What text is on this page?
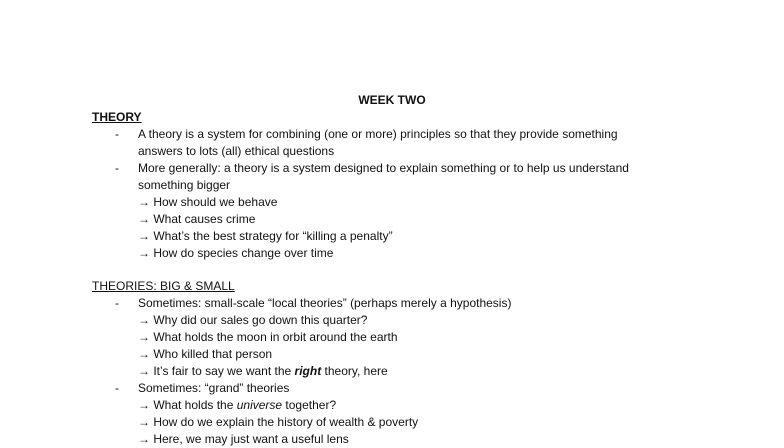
WEEK TWO
THEORY
- A theory is a system for combining (one or more) principles so that they provide something
answers to lots (all) ethical questions
- More generally: a theory is a system designed to explain something or to help us understand
something bigger
→ How should we behave
→ What causes crime
→ What’s the best strategy for “killing a penalty”
→ How do species change over time
THEORIES: BIG & SMALL
- Sometimes: small-scale “local theories” (perhaps merely a hypothesis)
→ Why did our sales go down this quarter?
→ What holds the moon in orbit around the earth
→ Who killed that person
→ It’s fair to say we want the right theory, here
- Sometimes: “grand” theories
→ What holds the universe together?
→ How do we explain the history of wealth & poverty
→ Here, we may just want a useful lens
